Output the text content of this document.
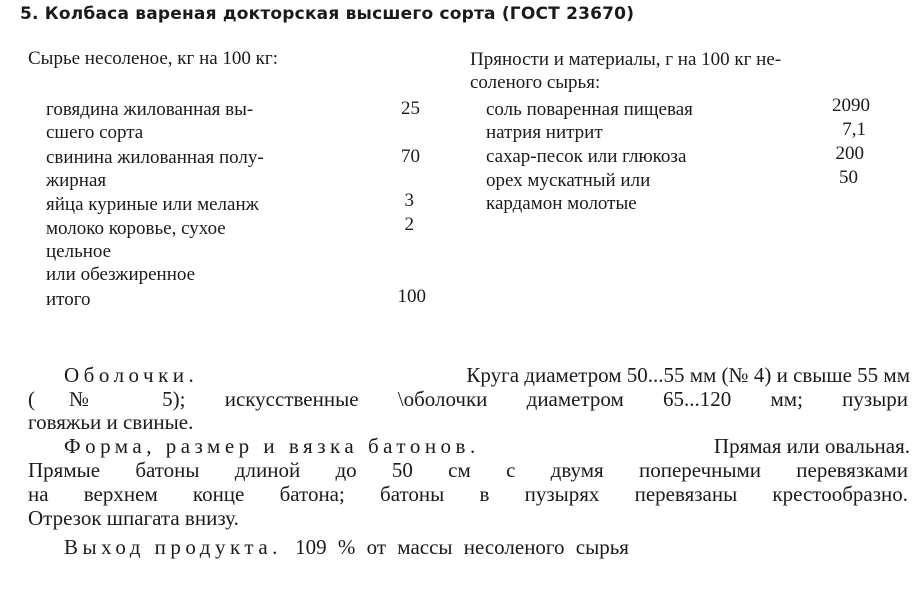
5. Колбаса вареная докторская высшего сорта (ГОСТ 23670)
Сырье несоленое, кг на 100 кг:
говядина жилованная вы-
сшего сорта
25
свинина жилованная полу-
жирная
70
яйца куриные или меланж	3
молоко коровье, сухое
цельное
или обезжиренное
2
итого	100
Пряности и материалы, г на 100 кг не-
соленого сырья:
соль поваренная пищевая	2090
натрия нитрит	7,1
сахар-песок или глюкоза	200
орех мускатный или	50
кардамон молотые
Оболочки.	Круга диаметром 50...55 мм (№ 4) и свыше 55 мм
(№ 5); искусственные \оболочки диаметром 65...120 мм; пузыри
говяжьи и свиные.
Форма, размер и вязка батонов.	Прямая или овальная.
Прямые батоны длиной до 50 см с двумя поперечными перевязками
на верхнем конце батона; батоны в пузырях перевязаны крестообразно.
Отрезок шпагата внизу.
Выход продукта. 109 % от массы несоленого сырья
